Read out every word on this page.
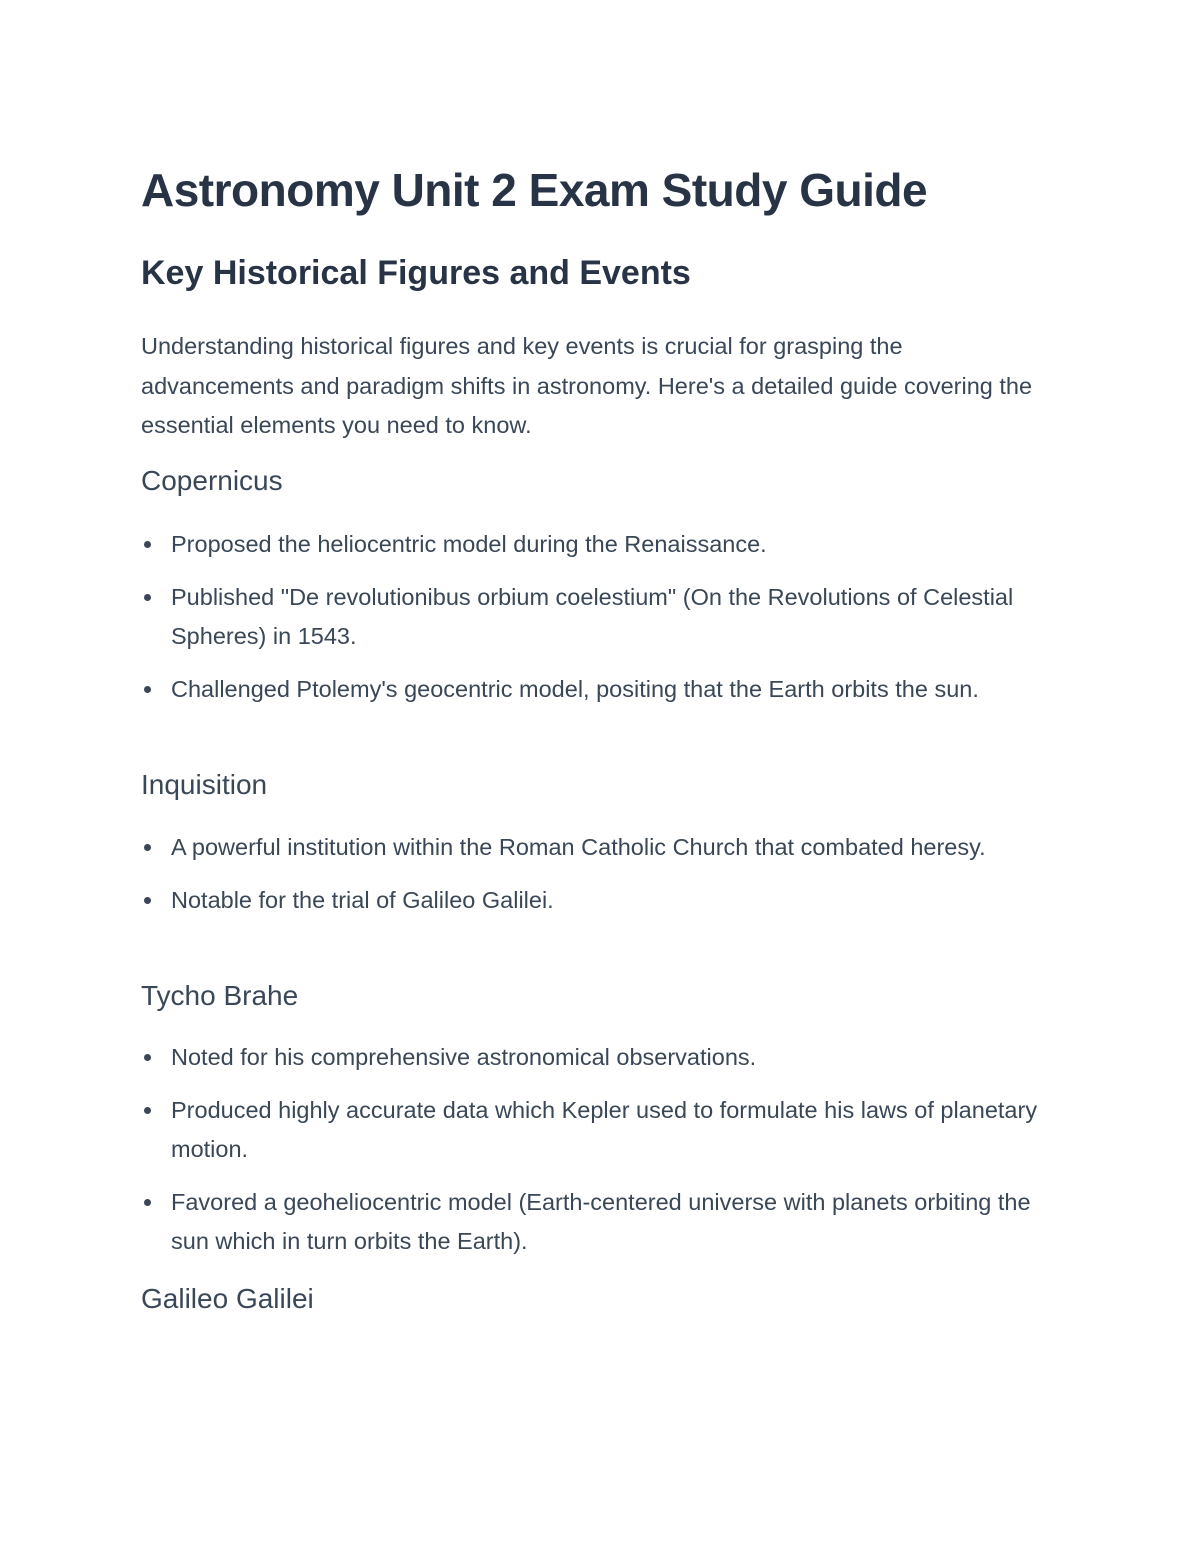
Astronomy Unit 2 Exam Study Guide
Key Historical Figures and Events

Understanding historical figures and key events is crucial for grasping the advancements and paradigm shifts in astronomy. Here's a detailed guide covering the essential elements you need to know.

Copernicus
Proposed the heliocentric model during the Renaissance.
Published "De revolutionibus orbium coelestium" (On the Revolutions of Celestial Spheres) in 1543.
Challenged Ptolemy's geocentric model, positing that the Earth orbits the sun.
Inquisition
A powerful institution within the Roman Catholic Church that combated heresy.
Notable for the trial of Galileo Galilei.
Tycho Brahe
Noted for his comprehensive astronomical observations.
Produced highly accurate data which Kepler used to formulate his laws of planetary motion.
Favored a geoheliocentric model (Earth-centered universe with planets orbiting the sun which in turn orbits the Earth).
Galileo Galilei
